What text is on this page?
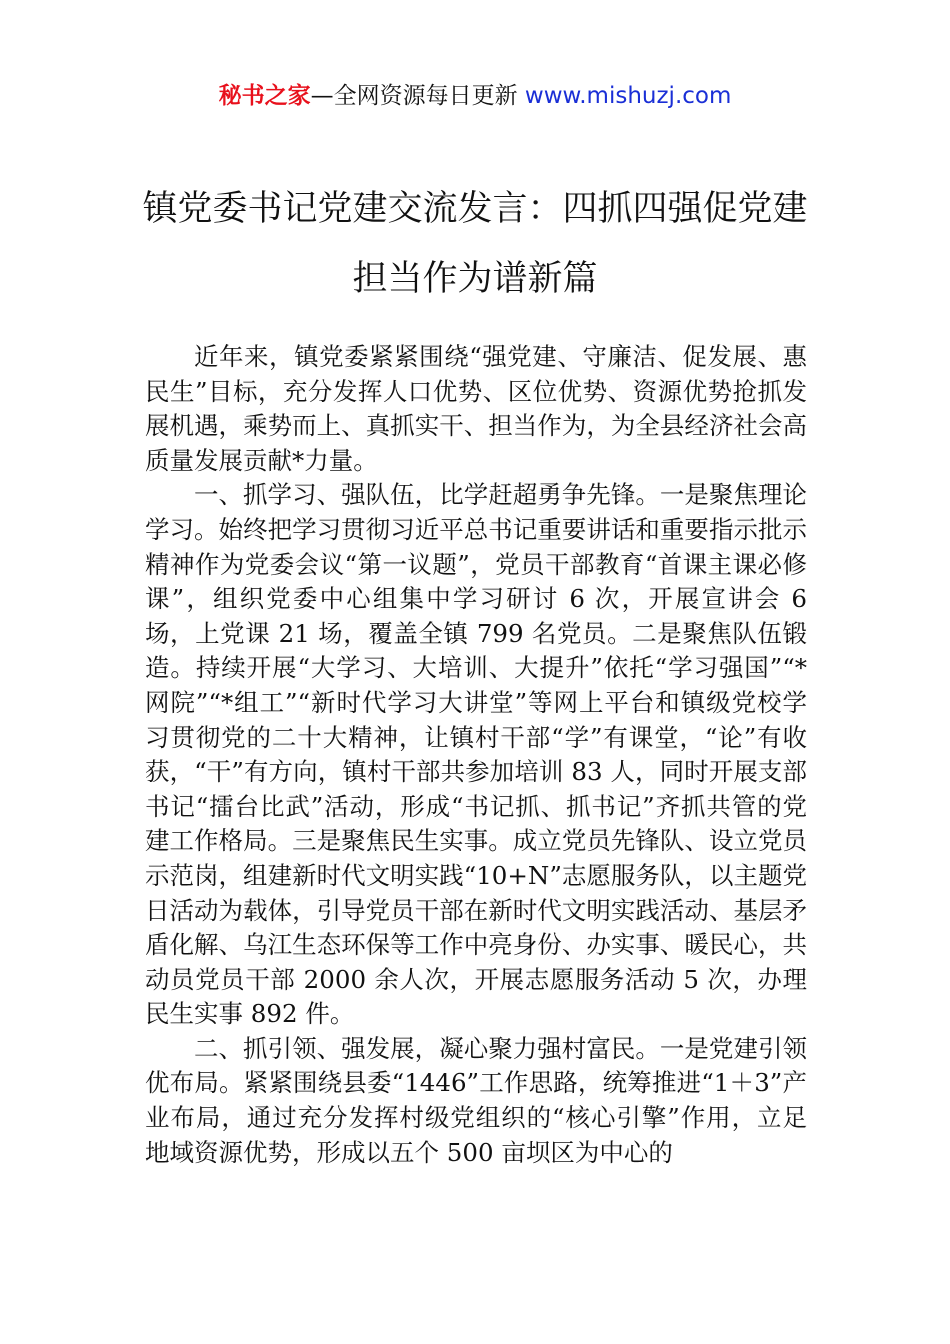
秘书之家—全网资源每日更新 www.mishuzj.com
镇党委书记党建交流发言：四抓四强促党建担当作为谱新篇

近年来，镇党委紧紧围绕“强党建、守廉洁、促发展、惠民生”目标，充分发挥人口优势、区位优势、资源优势抢抓发展机遇，乘势而上、真抓实干、担当作为，为全县经济社会高质量发展贡献*力量。

一、抓学习、强队伍，比学赶超勇争先锋。一是聚焦理论学习。始终把学习贯彻习近平总书记重要讲话和重要指示批示精神作为党委会议“第一议题”，党员干部教育“首课主课必修课”，组织党委中心组集中学习研讨 6 次，开展宣讲会 6 场，上党课 21 场，覆盖全镇 799 名党员。二是聚焦队伍锻造。持续开展“大学习、大培训、大提升”依托“学习强国”“*网院”“*组工”“新时代学习大讲堂”等网上平台和镇级党校学习贯彻党的二十大精神，让镇村干部“学”有课堂，“论”有收获，“干”有方向，镇村干部共参加培训 83 人，同时开展支部书记“擂台比武”活动，形成“书记抓、抓书记”齐抓共管的党建工作格局。三是聚焦民生实事。成立党员先锋队、设立党员示范岗，组建新时代文明实践“10+N”志愿服务队，以主题党日活动为载体，引导党员干部在新时代文明实践活动、基层矛盾化解、乌江生态环保等工作中亮身份、办实事、暖民心，共动员党员干部 2000 余人次，开展志愿服务活动 5 次，办理民生实事 892 件。

二、抓引领、强发展，凝心聚力强村富民。一是党建引领优布局。紧紧围绕县委“1446”工作思路，统筹推进“1＋3”产业布局，通过充分发挥村级党组织的“核心引擎”作用，立足地域资源优势，形成以五个 500 亩坝区为中心的
